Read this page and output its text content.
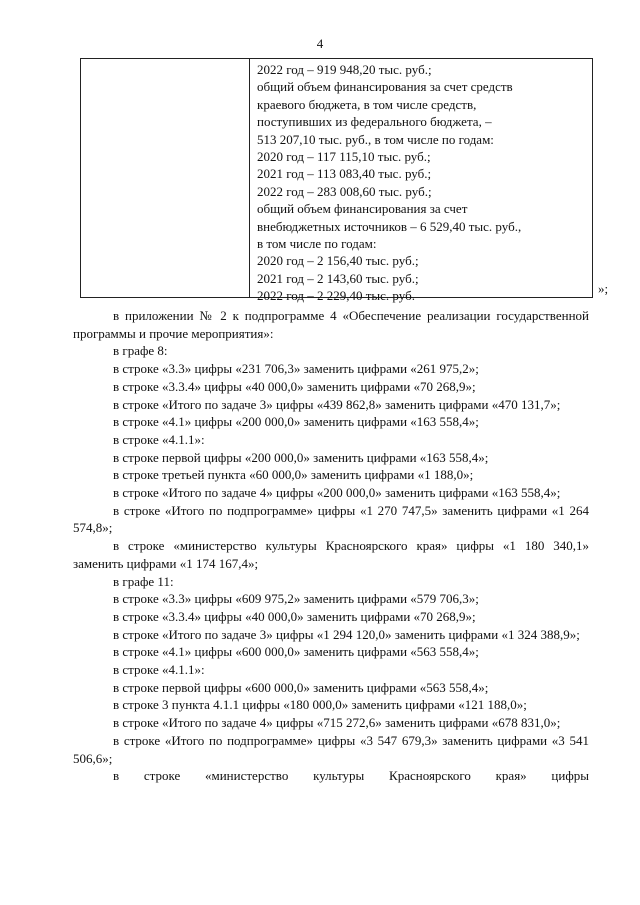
4
2022 год – 919 948,20 тыс. руб.;
общий объем финансирования за счет средств
краевого бюджета, в том числе средств,
поступивших из федерального бюджета, –
513 207,10 тыс. руб., в том числе по годам:
2020 год – 117 115,10 тыс. руб.;
2021 год – 113 083,40 тыс. руб.;
2022 год – 283 008,60 тыс. руб.;
общий объем финансирования за счет
внебюджетных источников – 6 529,40 тыс. руб.,
в том числе по годам:
2020 год – 2 156,40 тыс. руб.;
2021 год – 2 143,60 тыс. руб.;
2022 год – 2 229,40 тыс. руб.	»;

в приложении № 2 к подпрограмме 4 «Обеспечение реализации государственной программы и прочие мероприятия»:

в графе 8:

в строке «3.3» цифры «231 706,3» заменить цифрами «261 975,2»;

в строке «3.3.4» цифры «40 000,0» заменить цифрами «70 268,9»;

в строке «Итого по задаче 3» цифры «439 862,8» заменить цифрами «470 131,7»;

в строке «4.1» цифры «200 000,0» заменить цифрами «163 558,4»;

в строке «4.1.1»:

в строке первой цифры «200 000,0» заменить цифрами «163 558,4»;

в строке третьей пункта «60 000,0» заменить цифрами «1 188,0»;

в строке «Итого по задаче 4» цифры «200 000,0» заменить цифрами «163 558,4»;

в строке «Итого по подпрограмме» цифры «1 270 747,5» заменить цифрами «1 264 574,8»;

в строке «министерство культуры Красноярского края» цифры «1 180 340,1» заменить цифрами «1 174 167,4»;

в графе 11:

в строке «3.3» цифры «609 975,2» заменить цифрами «579 706,3»;

в строке «3.3.4» цифры «40 000,0» заменить цифрами «70 268,9»;

в строке «Итого по задаче 3» цифры «1 294 120,0» заменить цифрами «1 324 388,9»;

в строке «4.1» цифры «600 000,0» заменить цифрами «563 558,4»;

в строке «4.1.1»:

в строке первой цифры «600 000,0» заменить цифрами «563 558,4»;

в строке 3 пункта 4.1.1 цифры «180 000,0» заменить цифрами «121 188,0»;

в строке «Итого по задаче 4» цифры «715 272,6» заменить цифрами «678 831,0»;

в строке «Итого по подпрограмме» цифры «3 547 679,3» заменить цифрами «3 541 506,6»;

в строке «министерство культуры Красноярского края» цифры
